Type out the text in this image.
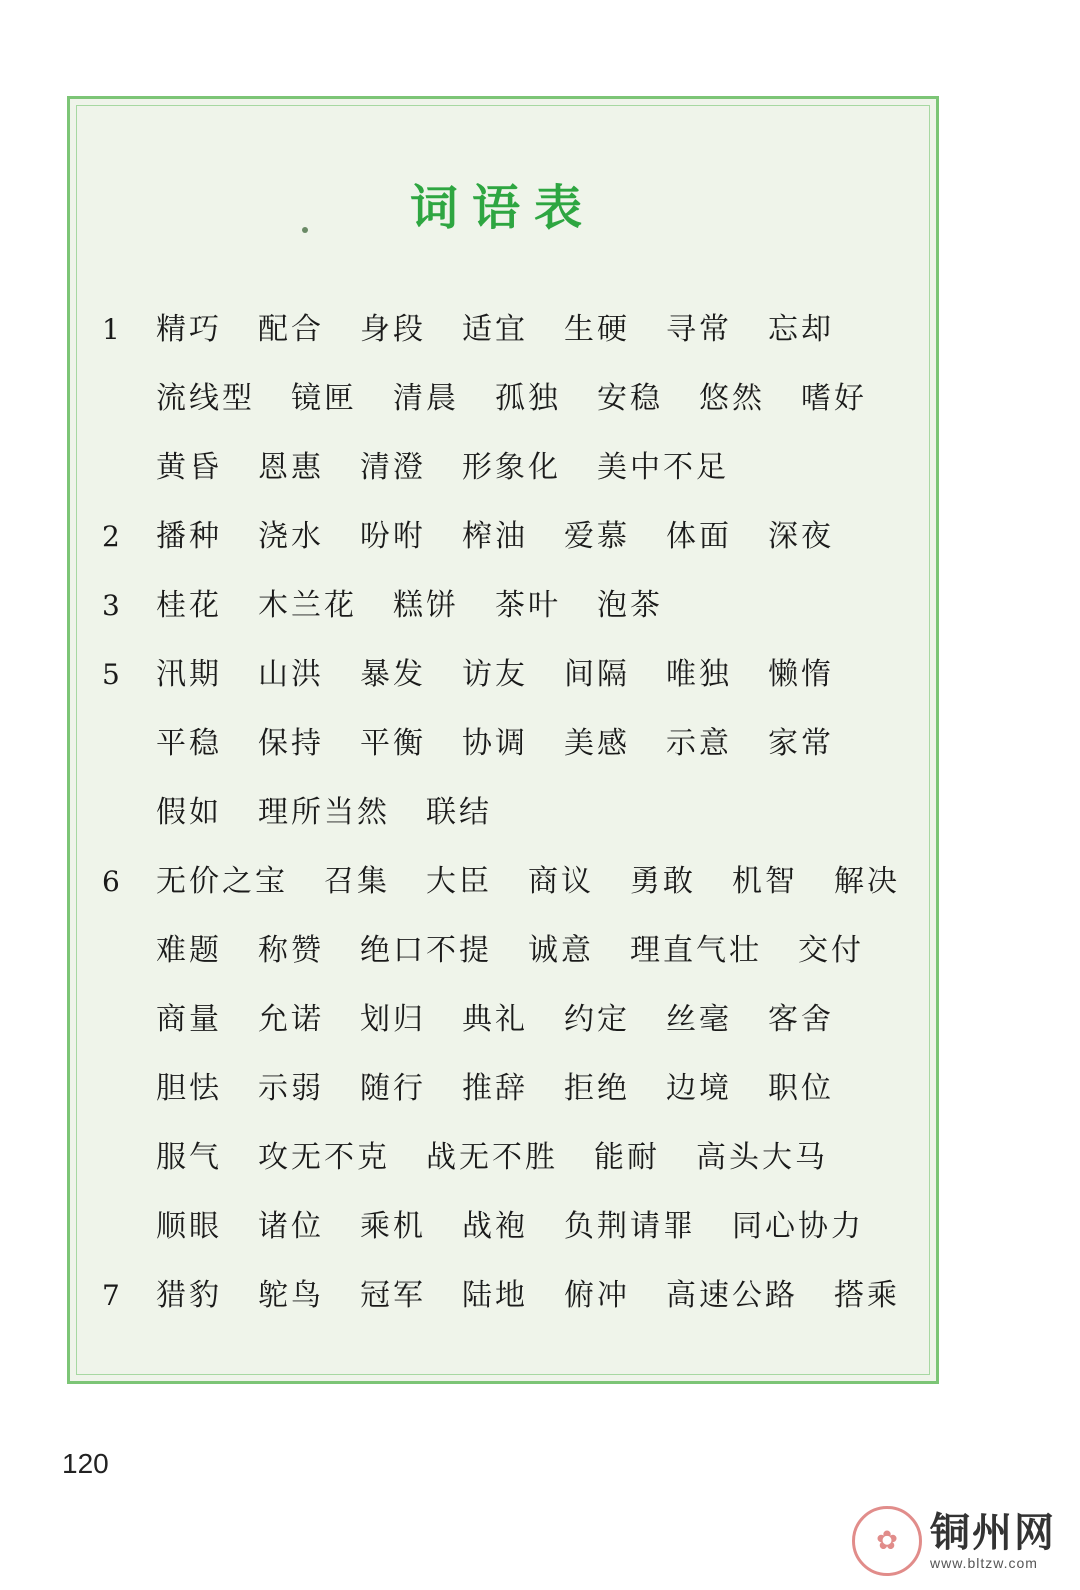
词语表
1	精巧 配合 身段 适宜 生硬 寻常 忘却
流线型 镜匣 清晨 孤独 安稳 悠然 嗜好
黄昏 恩惠 清澄 形象化 美中不足
2	播种 浇水 吩咐 榨油 爱慕 体面 深夜
3	桂花 木兰花 糕饼 茶叶 泡茶
5	汛期 山洪 暴发 访友 间隔 唯独 懒惰
平稳 保持 平衡 协调 美感 示意 家常
假如 理所当然 联结
6	无价之宝 召集 大臣 商议 勇敢 机智 解决
难题 称赞 绝口不提 诚意 理直气壮 交付
商量 允诺 划归 典礼 约定 丝毫 客舍
胆怯 示弱 随行 推辞 拒绝 边境 职位
服气 攻无不克 战无不胜 能耐 高头大马
顺眼 诸位 乘机 战袍 负荆请罪 同心协力
7	猎豹 鸵鸟 冠军 陆地 俯冲 高速公路 搭乘
120
✿ 铜州网
www.bltzw.com
